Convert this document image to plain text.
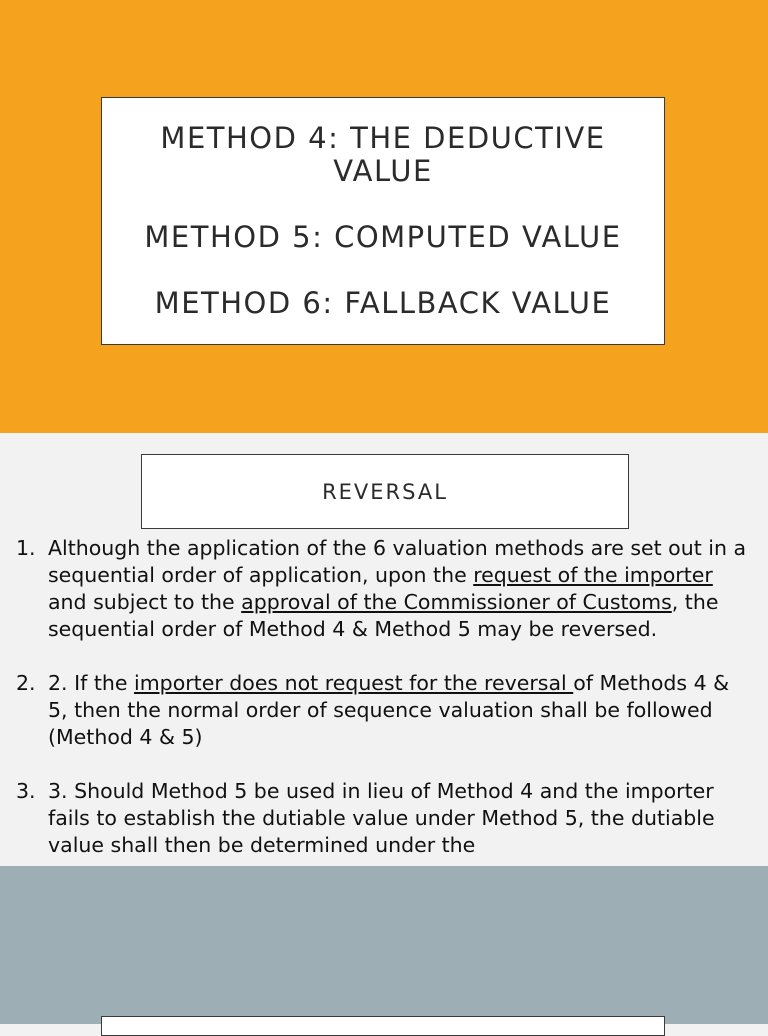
METHOD 4: THE DEDUCTIVE VALUE
METHOD 5: COMPUTED VALUE
METHOD 6: FALLBACK VALUE
REVERSAL
1. Although the application of the 6 valuation methods are set out in a sequential order of application, upon the request of the importer and subject to the approval of the Commissioner of Customs, the sequential order of Method 4 & Method 5 may be reversed.
2. 2. If the importer does not request for the reversal of Methods 4 & 5, then the normal order of sequence valuation shall be followed (Method 4 & 5)
3. 3. Should Method 5 be used in lieu of Method 4 and the importer fails to establish the dutiable value under Method 5, the dutiable value shall then be determined under the
